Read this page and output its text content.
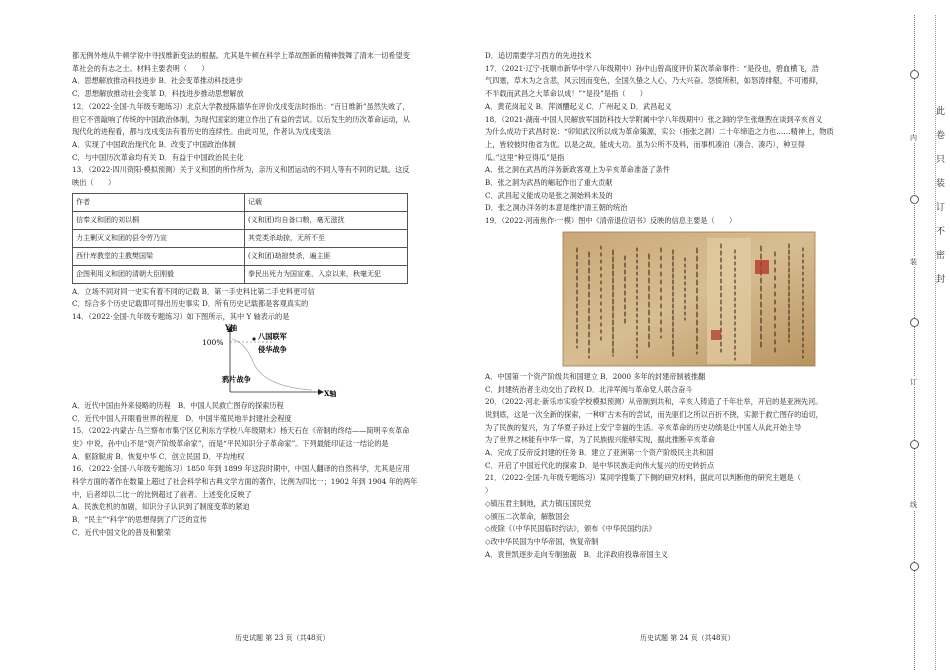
都无例外地从牛顿学说中寻找维新变法的根据。尤其是牛顿在科学上革故图新的精神鼓舞了清末一切希望变

革社会的有志之士。材料主要表明（　　）

A．思想解放推动科技进步 B．社会变革推动科技进步

C．思想解放推动社会变革 D．科技进步推动思想解放

12．（2022·全国·九年级专题练习）北京大学教授陈德华在评价戊戌变法时指出：“百日维新”虽然失败了，

但它不啻敲响了传统的中国政治体制，为现代国家的建立作出了有益的尝试。以后发生的历次革命运动，从

现代化的进程看，都与戊戌变法有着历史的连续性。由此可见，作者认为戊戌变法

A．实现了中国政治现代化 B．改变了中国政治体制

C．与中国历次革命均有关 D．有益于中国政治民主化

13．（2022·四川资阳·模拟预测）关于义和团的所作所为，亲历义和团运动的不同人等有不同的记载。这反

映出（　　）

作者	记载
信奉义和团的刘以桐	(义和团)均自备口粮，毫无滋扰
力主剿灭义和团的县令劳乃宣	其党类杀劫掠，无所不至
西什库教堂的主教樊国梁	(义和团)劫掠焚杀，遍主匪
企图利用义和团的清朝大臣刚毅	拳民出死力为国宣难，入京以来，秋毫无犯

A．立场不同对同一史实有着不同的记载 B．第一手史料比第二手史料更可信

C．综合多个历史记载即可得出历史事实 D．所有历史记载都是客观真实的

14．（2022·全国·九年级专题练习）如下图所示，其中 Y 轴表示的是

Y轴
X轴
100%
八国联军
侵华战争
鸦片战争

A．近代中国由外来侵略的历程　B．中国人民救亡图存的探索历程

C．近代中国人开眼看世界的程度　D．中国半殖民地半封建社会程度

15．（2022·内蒙古·乌兰察布市集宁区亿利东方学校八年级期末）杨天石在《帝制的终结——简明辛亥革命

史》中说，孙中山不是“资产阶级革命家”，而是“平民知识分子革命家”。下列最能印证这一结论的是

A．驱除鞑虏 B．恢复中华 C．创立民国 D．平均地权

16．（2022·全国·八年级专题练习）1850 年到 1899 年这段时期中，中国人翻译的自然科学，尤其是应用

科学方面的著作在数量上超过了社会科学和古典文学方面的著作，比例为四比一；1902 年到 1904 年的两年

中，后者却以二比一的比例超过了前者。上述变化反映了

A．民族危机的加剧，知识分子认识到了制度变革的紧迫

B．“民主”“科学”的思想得到了广泛的宣传

C．近代中国文化的普及和繁荣

D．追切需要学习西方的先进技术

17．（2021·辽宁·抚顺市新华中学八年级期中）孙中山曾高度评价某次革命事件：“是役也，碧血横飞，浩

气四塞，草木为之含悲，风云因而变色，全国久蛰之人心，乃大兴奋。怨愤所积，如怒涛排壑，不可遏抑，

不半载而武昌之大革命以成！”“是役”是指（　　）

A．黄花岗起义 B．萍浏醴起义 C．广州起义 D．武昌起义

18．（2021·湖南·中国人民解放军国防科技大学附属中学八年级期中）张之洞的学生张继煦在谈到辛亥首义

为什么成功于武昌时说：“卯知武汉所以成为革命策源，实公（指张之洞）二十年缔造之力也……精神上，物质

上，皆较彼时他省为优。以是之故，能成大功。虽为公所不及料，而事机凑泊（凑合、凑巧），种豆得

瓜。”这里“种豆得瓜”是指

A．张之洞在武昌的洋务新政客观上为辛亥革命准备了条件

B．张之洞为武昌的崛起作出了重大贡献

C．武昌起义能成功是张之洞始料未及的

D．张之洞办洋务的本意是维护清王朝的统治

19．（2022·河南焦作·一模）图中《清帝退位诏书》反映的信息主要是（　　）

A．中国第一个资产阶级共和国建立 B．2000 多年的封建帝制被推翻

C．封建统治者主动交出了政权 D．北洋军阀与革命党人联合奋斗

20．（2022·河北·新乐市实验学校模拟预测）从帝制到共和，辛亥人铸造了千年壮举，开启的是亚洲先河。

说到底，这是一次全新的探索，一种旷古未有的尝试，而先驱们之所以百折不挠，实源于救亡图存的追切，

为了民族的复兴，为了华夏子孙过上安宁幸福的生活。辛亥革命的历史功绩是让中国人从此开始主导

为了世界之林能有中华一席，为了民族振兴能够实现，据此推断辛亥革命

A．完成了反帝反封建的任务 B．建立了亚洲第一个资产阶级民主共和国

C．开启了中国近代化的探索 D．是中华民族走向伟大复兴的历史转折点

21．（2022·全国·九年级专题练习）某同学搜集了下侧的研究材料，据此可以判断他的研究主题是（

）

◇镇压君主制地，武力镇压国民党

◇颁压二次革命，解散国会

◇废除《（中华民国临时约法》，颁布《中华民国约法》

◇改中华民国为中华帝国，恢复帝制

A．袁世凯逐步走向专制独裁　B．北洋政府投靠帝国主义

历史试题 第 23 页（共48页）	历史试题 第 24 页（共48页）
内
装
订
线
此
卷
只
装
订
不
密
封
